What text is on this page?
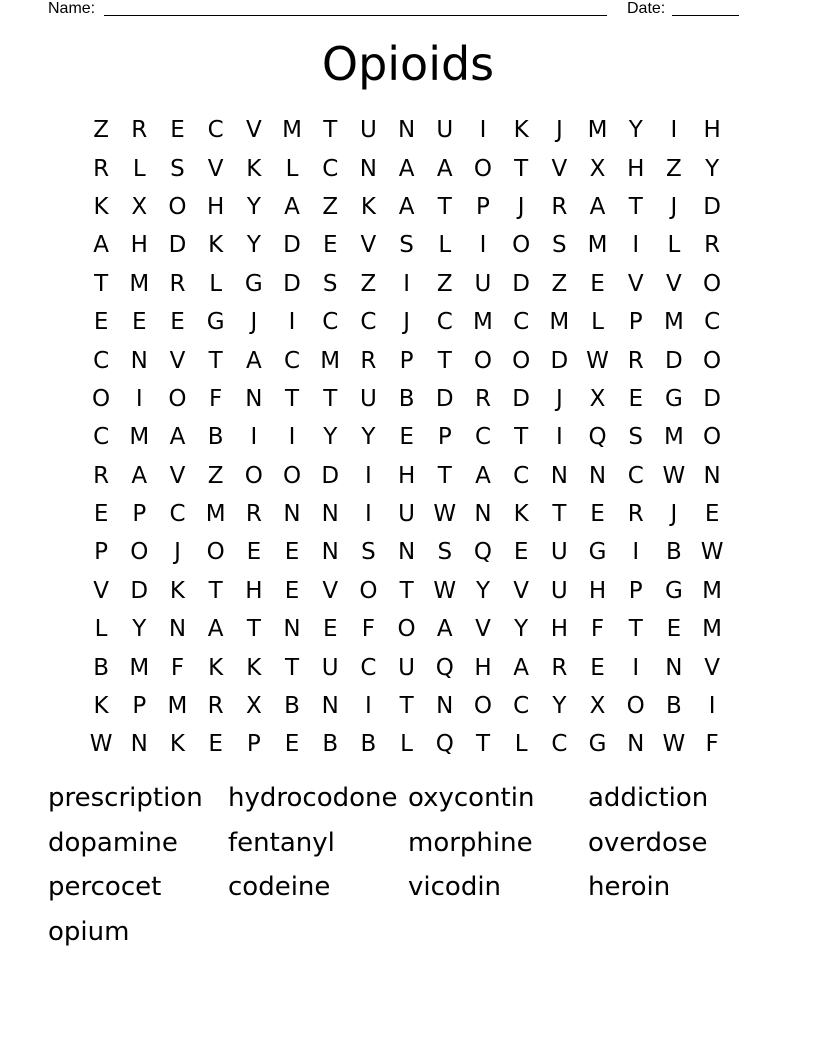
Name:	Date:
Opioids
Z R E C V M T U N U	I	K	J	M Y	I	H
R	L	S	V K	L	C N A A O T	V X H Z	Y
K X O H Y	A Z K A	T	P	J	R A	T	J	D
A H D K	Y D E	V	S	L	I	O S M	I	L	R
T M R	L G D S	Z	I	Z U D Z	E	V V O
E	E	E G	J	I	C C	J	C M C M L	P M C
C N V	T	A C M R	P	T O O D W R D O
O	I	O F N T	T U B D R D	J	X	E G D
C M A B	I	I	Y	Y	E	P	C	T	I	Q S M O
R A V Z O O D	I	H T	A C N N C W N
E	P	C M R N N	I	U W N K	T	E R	J	E
P O	J	O E	E N S N S Q E U G	I	B W
V D K	T H E	V O T W Y	V U H P G M
L	Y N A	T N E	F O A V	Y H F	T	E M
B M F	K	K	T U C U Q H A R E	I	N V
K	P M R X B N	I	T N O C	Y	X O B	I
W N K	E	P	E	B B	L Q T	L	C G N W F
prescription hydrocodone oxycontin	addiction
dopamine	fentanyl	morphine	overdose
percocet	codeine	vicodin	heroin
opium
